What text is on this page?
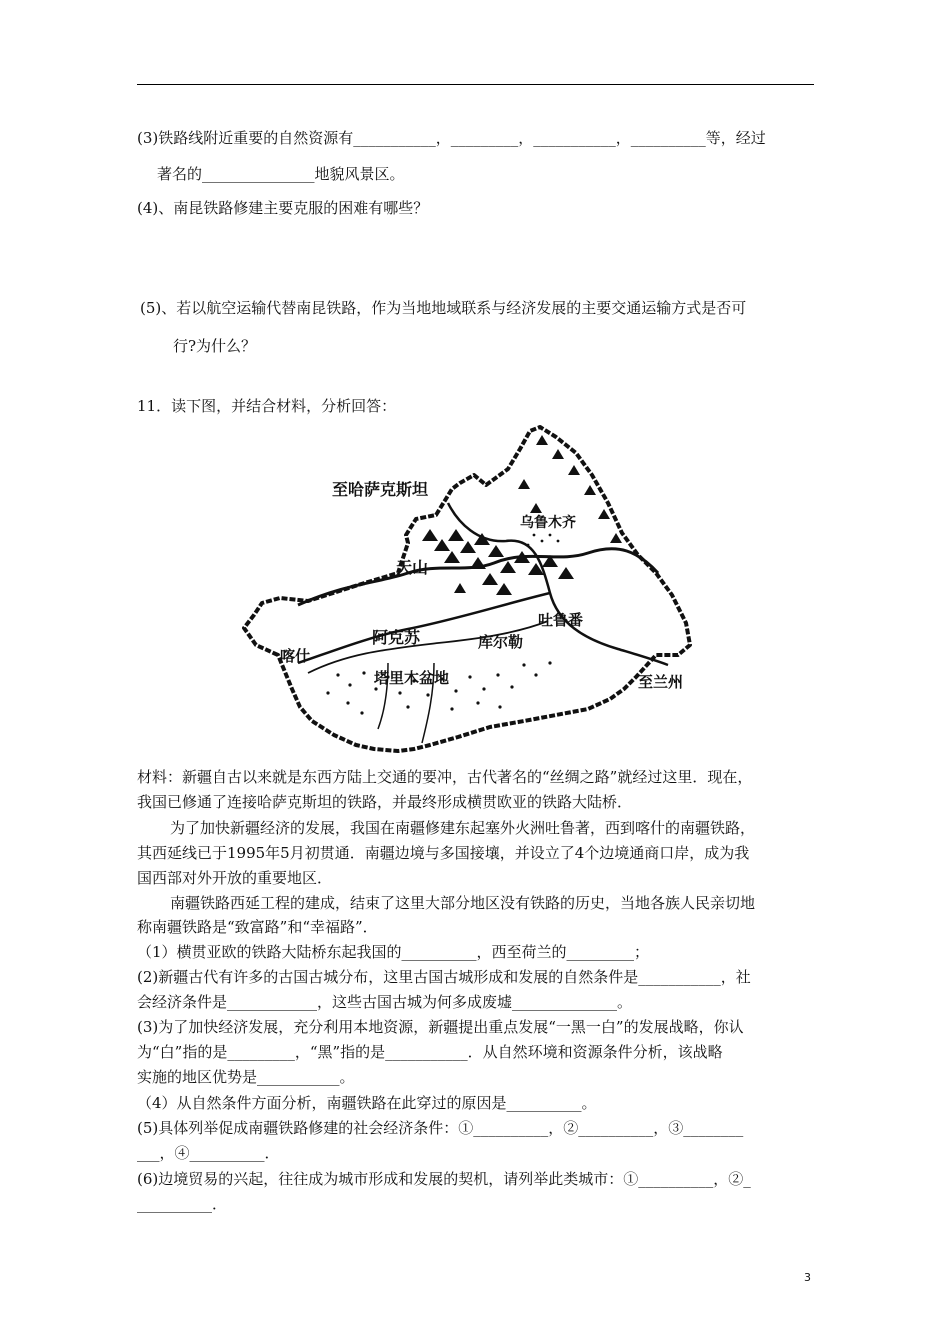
(3)铁路线附近重要的自然资源有___________，_________，___________，__________等，经过
著名的_______________地貌风景区。
(4)、南昆铁路修建主要克服的困难有哪些？
(5)、若以航空运输代替南昆铁路，作为当地地域联系与经济发展的主要交通运输方式是否可
行?为什么？
11．读下图，并结合材料，分析回答：
材料：新疆自古以来就是东西方陆上交通的要冲，古代著名的“丝绸之路”就经过这里．现在，
我国已修通了连接哈萨克斯坦的铁路，并最终形成横贯欧亚的铁路大陆桥．
为了加快新疆经济的发展，我国在南疆修建东起塞外火洲吐鲁著，西到喀什的南疆铁路，
其西延线已于1995年5月初贯通．南疆边境与多国接壤，并设立了4个边境通商口岸，成为我
国西部对外开放的重要地区．
南疆铁路西延工程的建成，结束了这里大部分地区没有铁路的历史，当地各族人民亲切地
称南疆铁路是“致富路”和“幸福路”．
（1）横贯亚欧的铁路大陆桥东起我国的__________，西至荷兰的_________；
(2)新疆古代有许多的古国古城分布，这里古国古城形成和发展的自然条件是___________，社
会经济条件是____________，这些古国古城为何多成废墟______________。
(3)为了加快经济发展，充分利用本地资源，新疆提出重点发展“一黑一白”的发展战略，你认
为“白”指的是_________，“黑”指的是___________．从自然环境和资源条件分析，该战略
实施的地区优势是___________。
（4）从自然条件方面分析，南疆铁路在此穿过的原因是__________。
(5)具体列举促成南疆铁路修建的社会经济条件：①__________，②__________，③________
___，④__________．
(6)边境贸易的兴起，往往成为城市形成和发展的契机，请列举此类城市：①__________，②_
__________．
至哈萨克斯坦
乌鲁木齐
天山
吐鲁番
阿克苏	库尔勒
喀什
塔里木盆地	至兰州
3
